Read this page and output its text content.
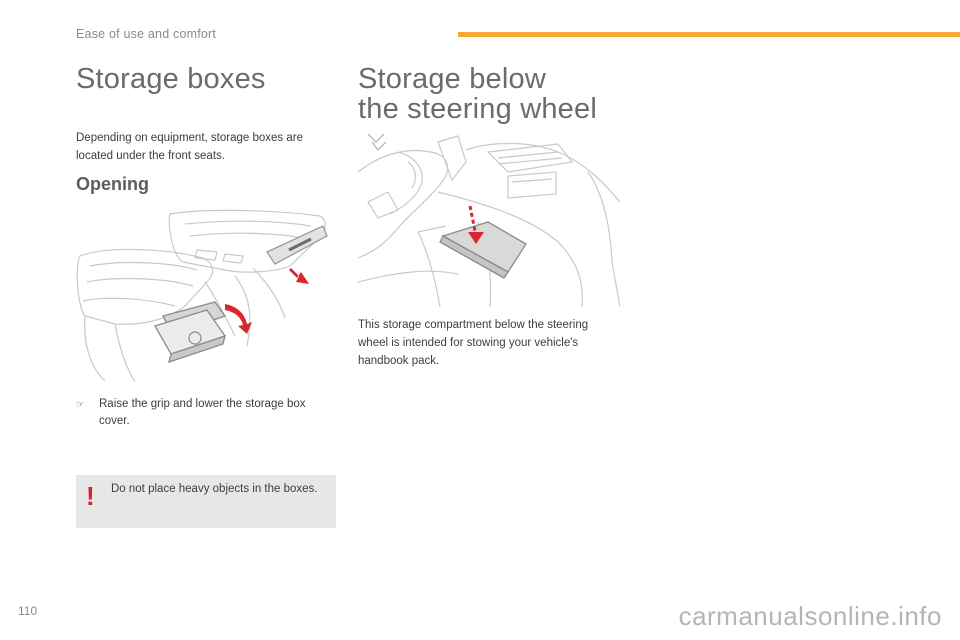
Ease of use and comfort
Storage boxes

Depending on equipment, storage boxes are located under the front seats.

Opening
☞ Raise the grip and lower the storage box cover.
! Do not place heavy objects in the boxes.
Storage below
the steering wheel

This storage compartment below the steering wheel is intended for stowing your vehicle's handbook pack.

110	carmanualsonline.info
